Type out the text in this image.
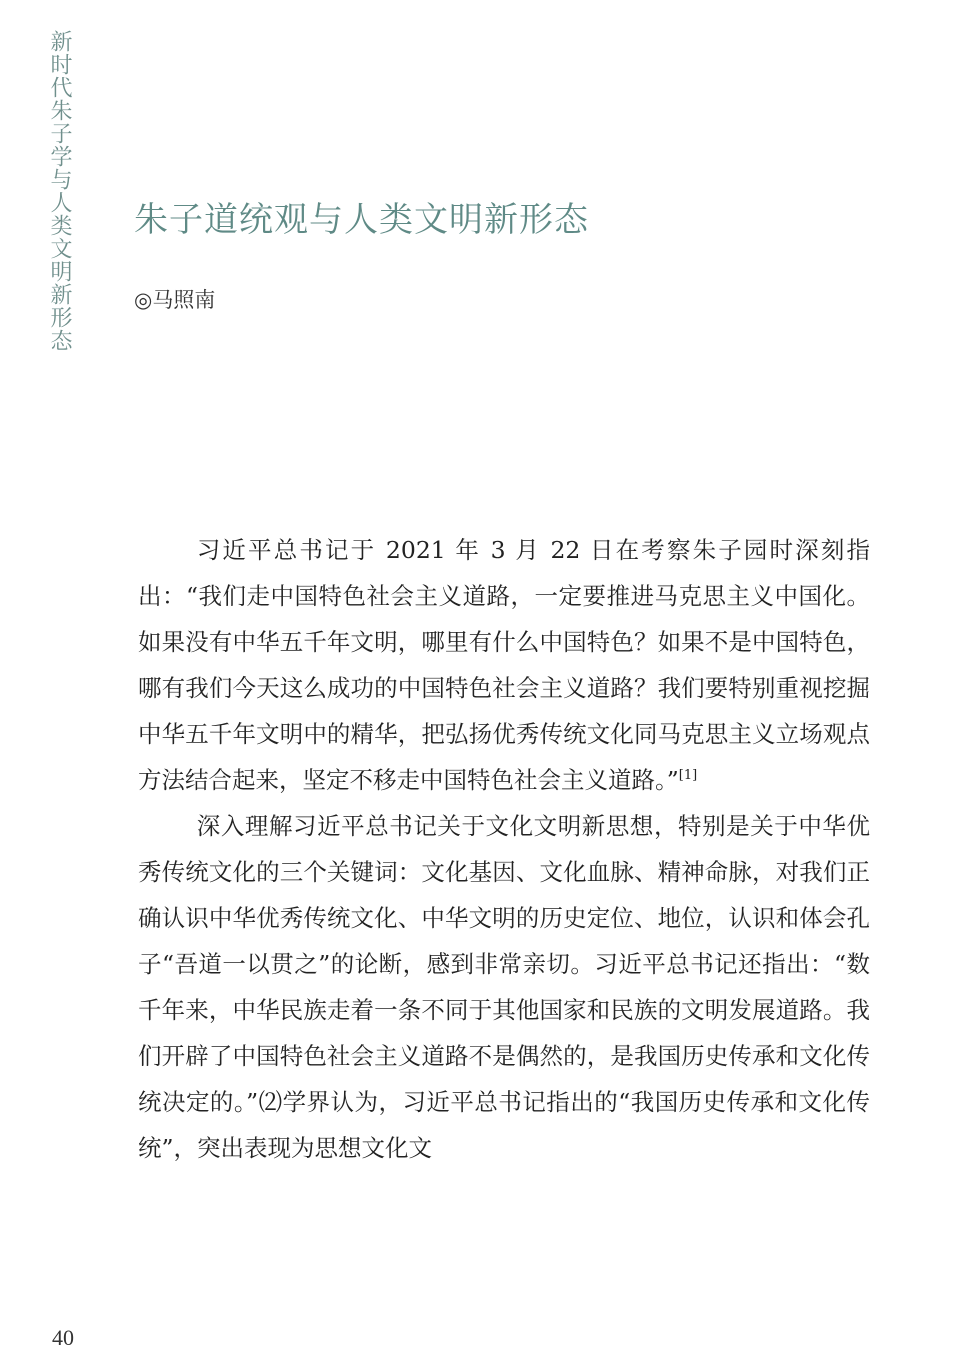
新时代朱子学与人类文明新形态 朱子道统观与人类文明新形态
◎马照南

习近平总书记于 2021 年 3 月 22 日在考察朱子园时深刻指出：“我们走中国特色社会主义道路，一定要推进马克思主义中国化。如果没有中华五千年文明，哪里有什么中国特色？如果不是中国特色，哪有我们今天这么成功的中国特色社会主义道路？我们要特别重视挖掘中华五千年文明中的精华，把弘扬优秀传统文化同马克思主义立场观点方法结合起来，坚定不移走中国特色社会主义道路。”[1]

深入理解习近平总书记关于文化文明新思想，特别是关于中华优秀传统文化的三个关键词：文化基因、文化血脉、精神命脉，对我们正确认识中华优秀传统文化、中华文明的历史定位、地位，认识和体会孔子“吾道一以贯之”的论断，感到非常亲切。习近平总书记还指出：“数千年来，中华民族走着一条不同于其他国家和民族的文明发展道路。我们开辟了中国特色社会主义道路不是偶然的，是我国历史传承和文化传统决定的。”⑵学界认为，习近平总书记指出的“我国历史传承和文化传统”，突出表现为思想文化文

40
